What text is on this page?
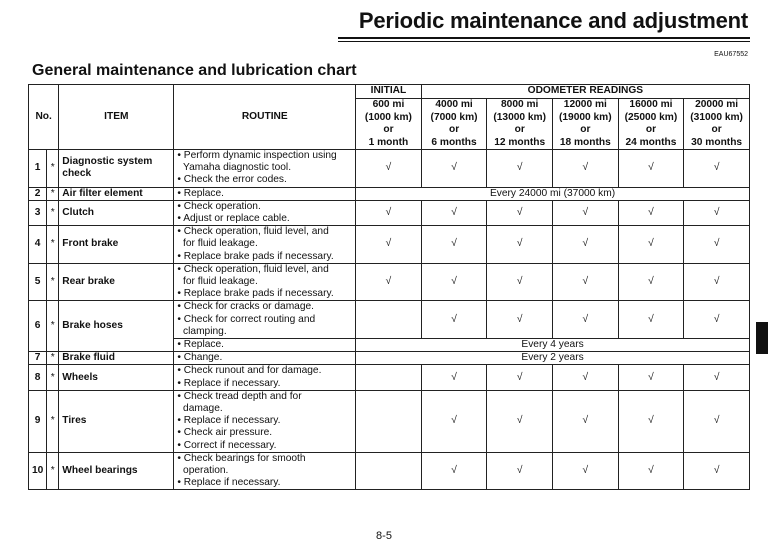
Periodic maintenance and adjustment
EAU67552
General maintenance and lubrication chart
No.		ITEM	ROUTINE	INITIAL	ODOMETER READINGS				
				600 mi
(1000 km)
or
1 month	4000 mi
(7000 km)
or
6 months	8000 mi
(13000 km)
or
12 months	12000 mi
(19000 km)
or
18 months	16000 mi
(25000 km)
or
24 months	20000 mi
(31000 km)
or
30 months
1	*	Diagnostic system check	• Perform dynamic inspection using
Yamaha diagnostic tool.
• Check the error codes.	√	√	√	√	√	√
2	*	Air filter element	• Replace.	Every 24000 mi (37000 km)					
3	*	Clutch	• Check operation.
• Adjust or replace cable.	√	√	√	√	√	√
4	*	Front brake	• Check operation, fluid level, and
for fluid leakage.
• Replace brake pads if necessary.	√	√	√	√	√	√
5	*	Rear brake	• Check operation, fluid level, and
for fluid leakage.
• Replace brake pads if necessary.	√	√	√	√	√	√
6	*	Brake hoses	• Check for cracks or damage.
• Check for correct routing and
clamping.		√	√	√	√	√
			• Replace.	Every 4 years					
7	*	Brake fluid	• Change.	Every 2 years					
8	*	Wheels	• Check runout and for damage.
• Replace if necessary.		√	√	√	√	√
9	*	Tires	• Check tread depth and for
damage.
• Replace if necessary.
• Check air pressure.
• Correct if necessary.		√	√	√	√	√
10	*	Wheel bearings	• Check bearings for smooth
operation.
• Replace if necessary.		√	√	√	√	√
8-5
